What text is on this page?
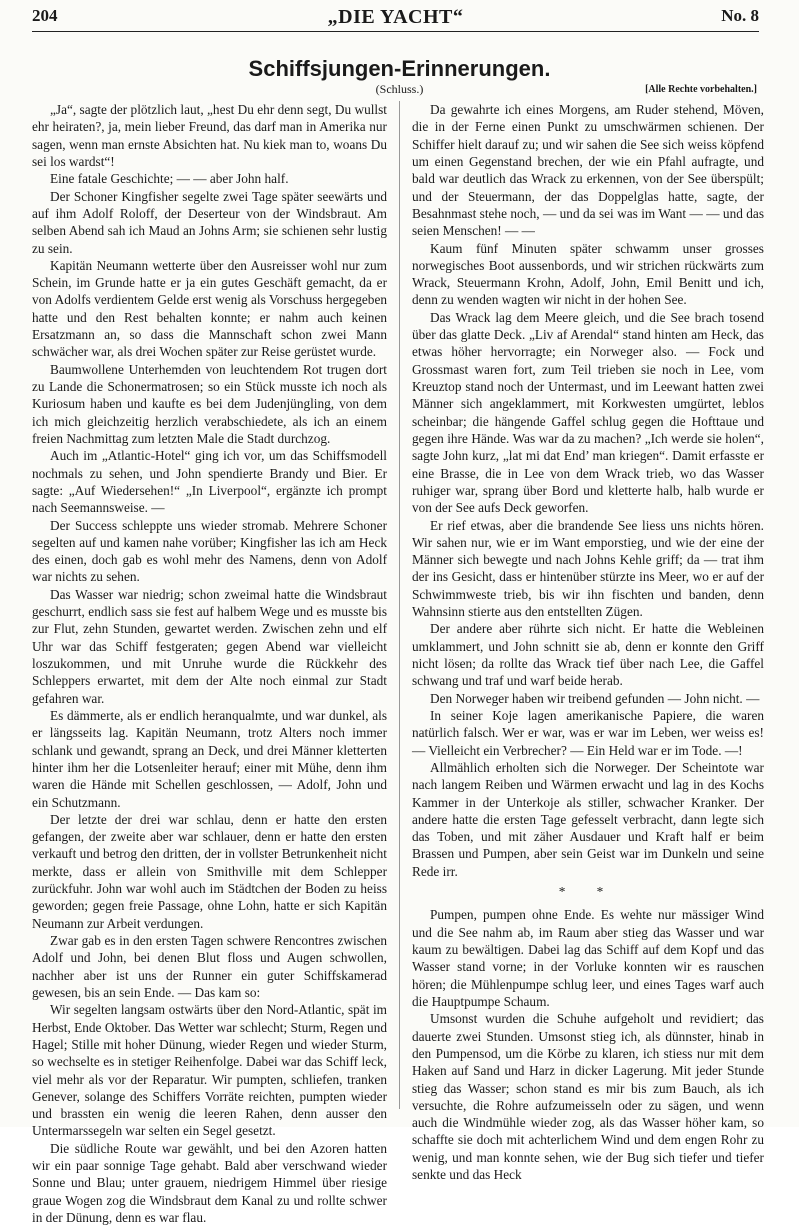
204	„DIE YACHT“	No. 8
Schiffsjungen-Erinnerungen.
(Schluss.)	[Alle Rechte vorbehalten.]

„Ja“, sagte der plötzlich laut, „hest Du ehr denn segt, Du wullst ehr heiraten?, ja, mein lieber Freund, das darf man in Amerika nur sagen, wenn man ernste Absichten hat. Nu kiek man to, woans Du sei los wardst“!

Eine fatale Geschichte; — — aber John half.

Der Schoner Kingfisher segelte zwei Tage später seewärts und auf ihm Adolf Roloff, der Deserteur von der Windsbraut. Am selben Abend sah ich Maud an Johns Arm; sie schienen sehr lustig zu sein.

Kapitän Neumann wetterte über den Ausreisser wohl nur zum Schein, im Grunde hatte er ja ein gutes Geschäft gemacht, da er von Adolfs verdientem Gelde erst wenig als Vorschuss hergegeben hatte und den Rest behalten konnte; er nahm auch keinen Ersatzmann an, so dass die Mannschaft schon zwei Mann schwächer war, als drei Wochen später zur Reise gerüstet wurde.

Baumwollene Unterhemden von leuchtendem Rot trugen dort zu Lande die Schonermatrosen; so ein Stück musste ich noch als Kuriosum haben und kaufte es bei dem Judenjüngling, von dem ich mich gleichzeitig herzlich verabschiedete, als ich an einem freien Nachmittag zum letzten Male die Stadt durchzog.

Auch im „Atlantic-Hotel“ ging ich vor, um das Schiffsmodell nochmals zu sehen, und John spendierte Brandy und Bier. Er sagte: „Auf Wiedersehen!“ „In Liverpool“, ergänzte ich prompt nach Seemannsweise. —

Der Success schleppte uns wieder stromab. Mehrere Schoner segelten auf und kamen nahe vorüber; Kingfisher las ich am Heck des einen, doch gab es wohl mehr des Namens, denn von Adolf war nichts zu sehen.

Das Wasser war niedrig; schon zweimal hatte die Windsbraut geschurrt, endlich sass sie fest auf halbem Wege und es musste bis zur Flut, zehn Stunden, gewartet werden. Zwischen zehn und elf Uhr war das Schiff festgeraten; gegen Abend war vielleicht loszukommen, und mit Unruhe wurde die Rückkehr des Schleppers erwartet, mit dem der Alte noch einmal zur Stadt gefahren war.

Es dämmerte, als er endlich heranqualmte, und war dunkel, als er längsseits lag. Kapitän Neumann, trotz Alters noch immer schlank und gewandt, sprang an Deck, und drei Männer kletterten hinter ihm her die Lotsenleiter herauf; einer mit Mühe, denn ihm waren die Hände mit Schellen geschlossen, — Adolf, John und ein Schutzmann.

Der letzte der drei war schlau, denn er hatte den ersten gefangen, der zweite aber war schlauer, denn er hatte den ersten verkauft und betrog den dritten, der in vollster Betrunkenheit nicht merkte, dass er allein von Smithville mit dem Schlepper zurückfuhr. John war wohl auch im Städtchen der Boden zu heiss geworden; gegen freie Passage, ohne Lohn, hatte er sich Kapitän Neumann zur Arbeit verdungen.

Zwar gab es in den ersten Tagen schwere Rencontres zwischen Adolf und John, bei denen Blut floss und Augen schwollen, nachher aber ist uns der Runner ein guter Schiffskamerad gewesen, bis an sein Ende. — Das kam so:

Wir segelten langsam ostwärts über den Nord-Atlantic, spät im Herbst, Ende Oktober. Das Wetter war schlecht; Sturm, Regen und Hagel; Stille mit hoher Dünung, wieder Regen und wieder Sturm, so wechselte es in stetiger Reihenfolge. Dabei war das Schiff leck, viel mehr als vor der Reparatur. Wir pumpten, schliefen, tranken Genever, solange des Schiffers Vorräte reichten, pumpten wieder und brassten ein wenig die leeren Rahen, denn ausser den Untermarssegeln war selten ein Segel gesetzt.

Die südliche Route war gewählt, und bei den Azoren hatten wir ein paar sonnige Tage gehabt. Bald aber verschwand wieder Sonne und Blau; unter grauem, niedrigem Himmel über riesige graue Wogen zog die Windsbraut dem Kanal zu und rollte schwer in der Dünung, denn es war flau.

Da gewahrte ich eines Morgens, am Ruder stehend, Möven, die in der Ferne einen Punkt zu umschwärmen schienen. Der Schiffer hielt darauf zu; und wir sahen die See sich weiss köpfend um einen Gegenstand brechen, der wie ein Pfahl aufragte, und bald war deutlich das Wrack zu erkennen, von der See überspült; und der Steuermann, der das Doppelglas hatte, sagte, der Besahnmast stehe noch, — und da sei was im Want — — und das seien Menschen! — —

Kaum fünf Minuten später schwamm unser grosses norwegisches Boot aussenbords, und wir strichen rückwärts zum Wrack, Steuermann Krohn, Adolf, John, Emil Benitt und ich, denn zu wenden wagten wir nicht in der hohen See.

Das Wrack lag dem Meere gleich, und die See brach tosend über das glatte Deck. „Liv af Arendal“ stand hinten am Heck, das etwas höher hervorragte; ein Norweger also. — Fock und Grossmast waren fort, zum Teil trieben sie noch in Lee, vom Kreuztop stand noch der Untermast, und im Leewant hatten zwei Männer sich angeklammert, mit Korkwesten umgürtet, leblos scheinbar; die hängende Gaffel schlug gegen die Hofttaue und gegen ihre Hände. Was war da zu machen? „Ich werde sie holen“, sagte John kurz, „lat mi dat End’ man kriegen“. Damit erfasste er eine Brasse, die in Lee von dem Wrack trieb, wo das Wasser ruhiger war, sprang über Bord und kletterte halb, halb wurde er von der See aufs Deck geworfen.

Er rief etwas, aber die brandende See liess uns nichts hören. Wir sahen nur, wie er im Want emporstieg, und wie der eine der Männer sich bewegte und nach Johns Kehle griff; da — trat ihm der ins Gesicht, dass er hintenüber stürzte ins Meer, wo er auf der Schwimmweste trieb, bis wir ihn fischten und banden, denn Wahnsinn stierte aus den entstellten Zügen.

Der andere aber rührte sich nicht. Er hatte die Webleinen umklammert, und John schnitt sie ab, denn er konnte den Griff nicht lösen; da rollte das Wrack tief über nach Lee, die Gaffel schwang und traf und warf beide herab.

Den Norweger haben wir treibend gefunden — John nicht. —

In seiner Koje lagen amerikanische Papiere, die waren natürlich falsch. Wer er war, was er war im Leben, wer weiss es! — Vielleicht ein Verbrecher? — Ein Held war er im Tode. —!

Allmählich erholten sich die Norweger. Der Scheintote war nach langem Reiben und Wärmen erwacht und lag in des Kochs Kammer in der Unterkoje als stiller, schwacher Kranker. Der andere hatte die ersten Tage gefesselt verbracht, dann legte sich das Toben, und mit zäher Ausdauer und Kraft half er beim Brassen und Pumpen, aber sein Geist war im Dunkeln und seine Rede irr.

* *

Pumpen, pumpen ohne Ende. Es wehte nur mässiger Wind und die See nahm ab, im Raum aber stieg das Wasser und war kaum zu bewältigen. Dabei lag das Schiff auf dem Kopf und das Wasser stand vorne; in der Vorluke konnten wir es rauschen hören; die Mühlenpumpe schlug leer, und eines Tages warf auch die Hauptpumpe Schaum.

Umsonst wurden die Schuhe aufgeholt und revidiert; das dauerte zwei Stunden. Umsonst stieg ich, als dünnster, hinab in den Pumpensod, um die Körbe zu klaren, ich stiess nur mit dem Haken auf Sand und Harz in dicker Lagerung. Mit jeder Stunde stieg das Wasser; schon stand es mir bis zum Bauch, als ich versuchte, die Rohre aufzumeisseln oder zu sägen, und wenn auch die Windmühle wieder zog, als das Wasser höher kam, so schaffte sie doch mit achterlichem Wind und dem engen Rohr zu wenig, und man konnte sehen, wie der Bug sich tiefer und tiefer senkte und das Heck
